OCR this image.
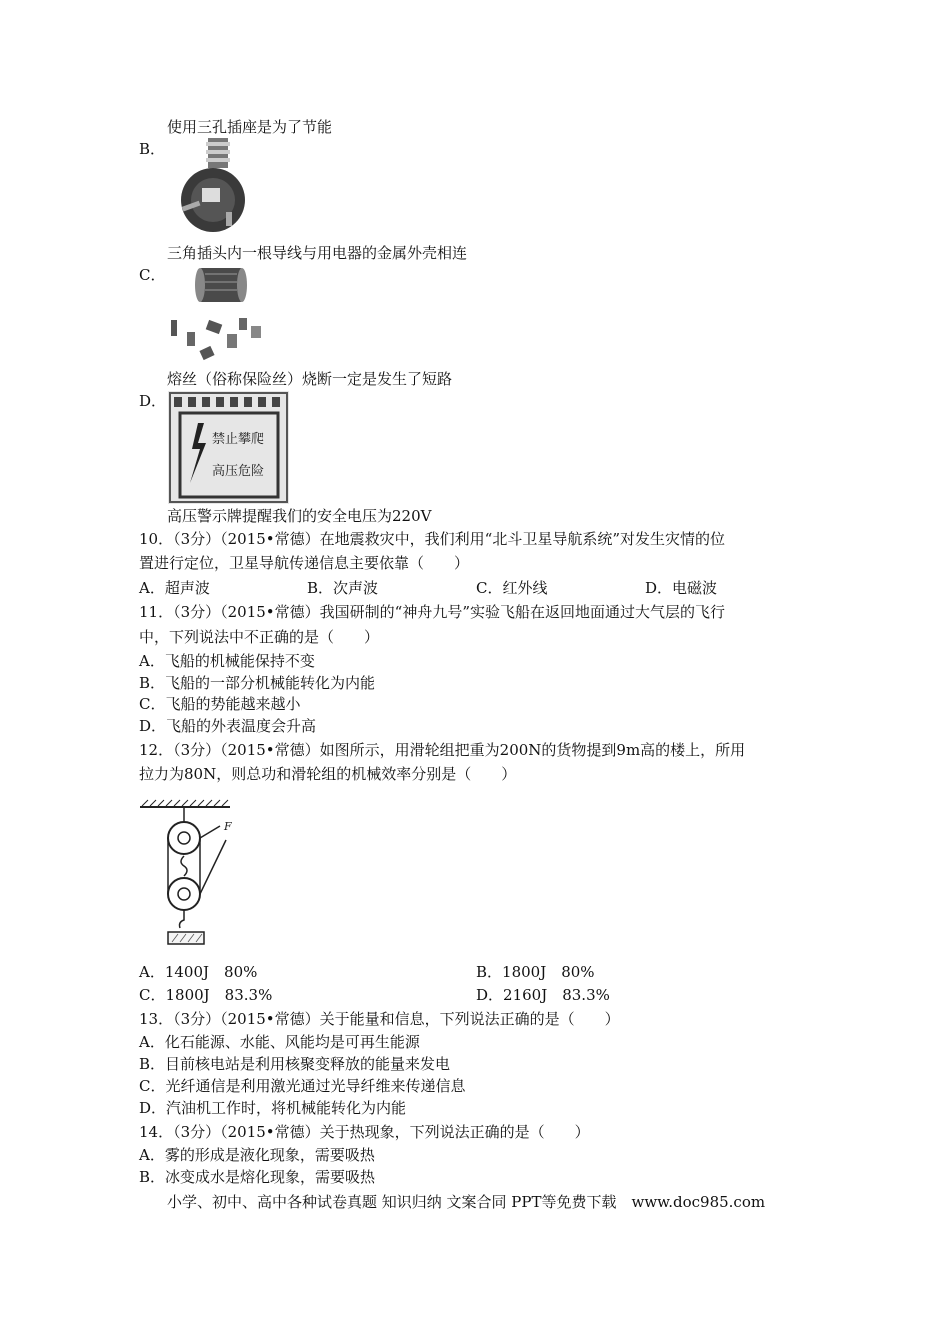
使用三孔插座是为了节能
B．
三角插头内一根导线与用电器的金属外壳相连
C．
熔丝（俗称保险丝）烧断一定是发生了短路
D．
禁止攀爬
高压危险
高压警示牌提醒我们的安全电压为220V
10．（3分）（2015•常德）在地震救灾中，我们利用“北斗卫星导航系统”对发生灾情的位
置进行定位，卫星导航传递信息主要依靠（　　）
A．超声波	B．次声波	C．红外线	D．电磁波
11．（3分）（2015•常德）我国研制的“神舟九号”实验飞船在返回地面通过大气层的飞行
中，下列说法中不正确的是（　　）
A．飞船的机械能保持不变
B．飞船的一部分机械能转化为内能
C．飞船的势能越来越小
D．飞船的外表温度会升高
12．（3分）（2015•常德）如图所示，用滑轮组把重为200N的货物提到9m高的楼上，所用
拉力为80N，则总功和滑轮组的机械效率分别是（　　）
F
A．1400J　80%	B．1800J　80%
C．1800J　83.3%	D．2160J　83.3%
13．（3分）（2015•常德）关于能量和信息，下列说法正确的是（　　）
A．化石能源、水能、风能均是可再生能源
B．目前核电站是利用核聚变释放的能量来发电
C．光纤通信是利用激光通过光导纤维来传递信息
D．汽油机工作时，将机械能转化为内能
14．（3分）（2015•常德）关于热现象，下列说法正确的是（　　）
A．雾的形成是液化现象，需要吸热
B．冰变成水是熔化现象，需要吸热
小学、初中、高中各种试卷真题 知识归纳 文案合同 PPT等免费下载　www.doc985.com
